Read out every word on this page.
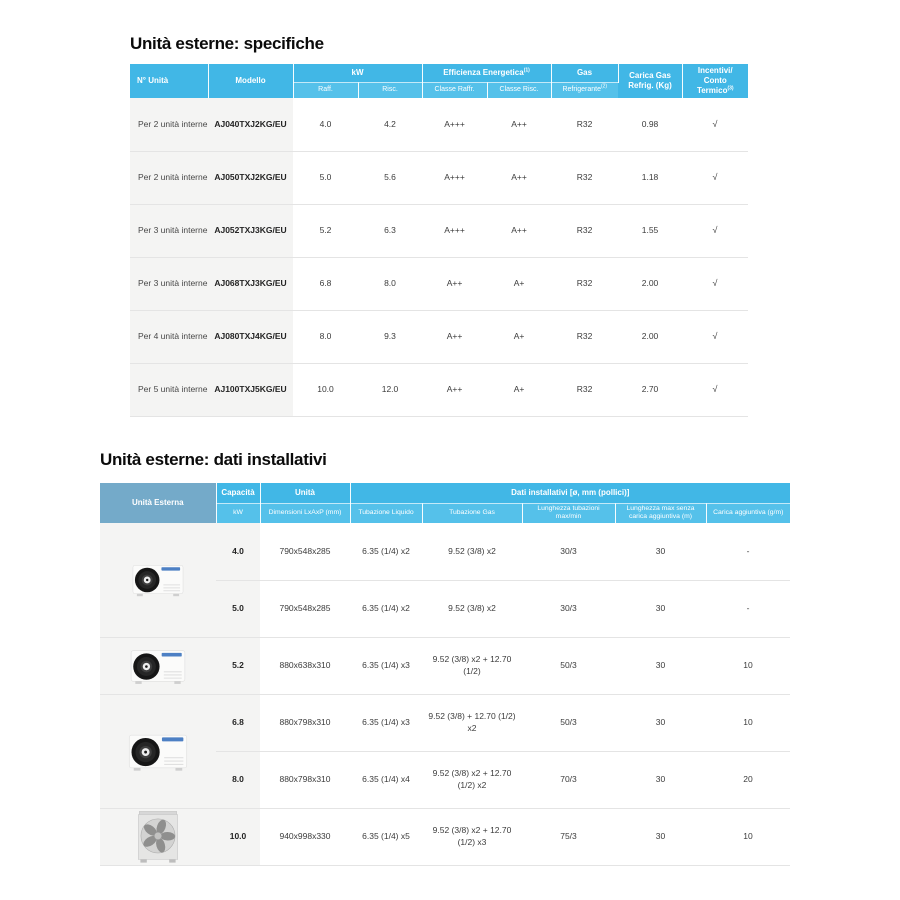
Unità esterne: specifiche
N° Unità	Modello	kW		Efficienza Energetica$^{(1)}$		Gas	Carica Gas Refrig. (Kg)	Incentivi/
Conto Termico$^{(3)}$
		Raff.	Risc.	Classe Raffr.	Classe Risc.	Refrigerante$^{(2)}$
Per 2 unità interne	AJ040TXJ2KG/EU	4.0	4.2	A+++	A++	R32	0.98	√
Per 2 unità interne	AJ050TXJ2KG/EU	5.0	5.6	A+++	A++	R32	1.18	√
Per 3 unità interne	AJ052TXJ3KG/EU	5.2	6.3	A+++	A++	R32	1.55	√
Per 3 unità interne	AJ068TXJ3KG/EU	6.8	8.0	A++	A+	R32	2.00	√
Per 4 unità interne	AJ080TXJ4KG/EU	8.0	9.3	A++	A+	R32	2.00	√
Per 5 unità interne	AJ100TXJ5KG/EU	10.0	12.0	A++	A+	R32	2.70	√
Unità esterne: dati installativi
Unità Esterna	Capacità	Unità	Dati installativi [ø, mm (pollici)]				
	kW	Dimensioni LxAxP (mm)	Tubazione Liquido	Tubazione Gas	Lunghezza tubazioni max/min	Lunghezza max senza carica aggiuntiva (m)	Carica aggiuntiva (g/m)
	4.0	790x548x285	6.35 (1/4) x2	9.52 (3/8) x2	30/3	30	-
	5.0	790x548x285	6.35 (1/4) x2	9.52 (3/8) x2	30/3	30	-
	5.2	880x638x310	6.35 (1/4) x3	9.52 (3/8) x2 + 12.70 (1/2)	50/3	30	10
	6.8	880x798x310	6.35 (1/4) x3	9.52 (3/8) + 12.70 (1/2) x2	50/3	30	10
	8.0	880x798x310	6.35 (1/4) x4	9.52 (3/8) x2 + 12.70 (1/2) x2	70/3	30	20
	10.0	940x998x330	6.35 (1/4) x5	9.52 (3/8) x2 + 12.70 (1/2) x3	75/3	30	10
